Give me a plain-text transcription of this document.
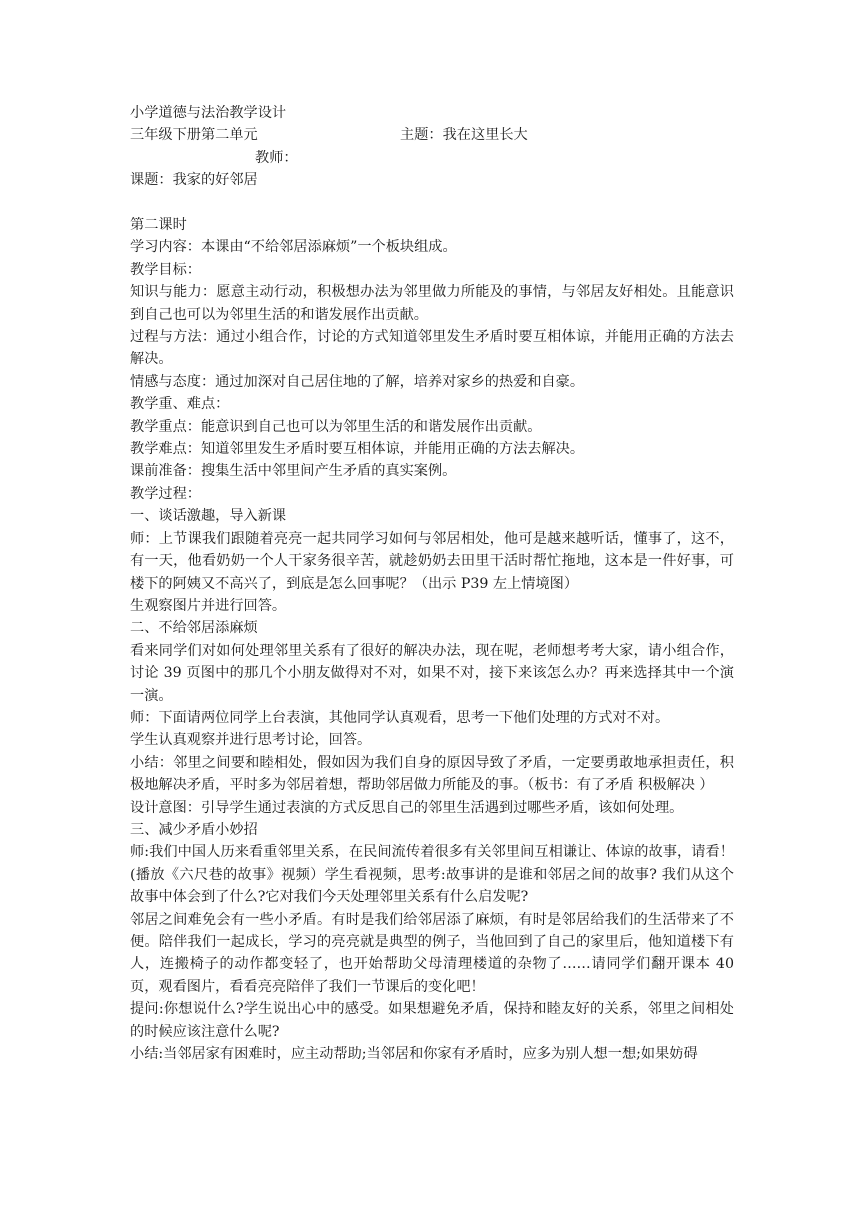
小学道德与法治教学设计

三年级下册第二单元	主题：我在这里长大

教师：

课题：我家的好邻居

第二课时

学习内容：本课由“不给邻居添麻烦”一个板块组成。

教学目标：

知识与能力：愿意主动行动，积极想办法为邻里做力所能及的事情，与邻居友好相处。且能意识到自己也可以为邻里生活的和谐发展作出贡献。

过程与方法：通过小组合作，讨论的方式知道邻里发生矛盾时要互相体谅，并能用正确的方法去解决。

情感与态度：通过加深对自己居住地的了解，培养对家乡的热爱和自豪。

教学重、难点：

教学重点：能意识到自己也可以为邻里生活的和谐发展作出贡献。

教学难点：知道邻里发生矛盾时要互相体谅，并能用正确的方法去解决。

课前准备：搜集生活中邻里间产生矛盾的真实案例。

教学过程：

一、谈话激趣，导入新课

师：上节课我们跟随着亮亮一起共同学习如何与邻居相处，他可是越来越听话，懂事了，这不，有一天，他看奶奶一个人干家务很辛苦，就趁奶奶去田里干活时帮忙拖地，这本是一件好事，可楼下的阿姨又不高兴了，到底是怎么回事呢？（出示 P39 左上情境图）

生观察图片并进行回答。

二、不给邻居添麻烦

看来同学们对如何处理邻里关系有了很好的解决办法，现在呢，老师想考考大家，请小组合作，讨论 39 页图中的那几个小朋友做得对不对，如果不对，接下来该怎么办？再来选择其中一个演一演。

师：下面请两位同学上台表演，其他同学认真观看，思考一下他们处理的方式对不对。

学生认真观察并进行思考讨论，回答。

小结：邻里之间要和睦相处，假如因为我们自身的原因导致了矛盾，一定要勇敢地承担责任，积极地解决矛盾，平时多为邻居着想，帮助邻居做力所能及的事。（板书：有了矛盾 积极解决 ）

设计意图：引导学生通过表演的方式反思自己的邻里生活遇到过哪些矛盾，该如何处理。

三、减少矛盾小妙招

师:我们中国人历来看重邻里关系，在民间流传着很多有关邻里间互相谦让、体谅的故事，请看！(播放《六尺巷的故事》视频）学生看视频，思考:故事讲的是谁和邻居之间的故事? 我们从这个故事中体会到了什么?它对我们今天处理邻里关系有什么启发呢?

邻居之间难免会有一些小矛盾。有时是我们给邻居添了麻烦，有时是邻居给我们的生活带来了不便。陪伴我们一起成长，学习的亮亮就是典型的例子，当他回到了自己的家里后，他知道楼下有人，连搬椅子的动作都变轻了，也开始帮助父母清理楼道的杂物了……请同学们翻开课本 40 页，观看图片，看看亮亮陪伴了我们一节课后的变化吧！

提问:你想说什么?学生说出心中的感受。如果想避免矛盾，保持和睦友好的关系，邻里之间相处的时候应该注意什么呢?

小结:当邻居家有困难时，应主动帮助;当邻居和你家有矛盾时，应多为别人想一想;如果妨碍
